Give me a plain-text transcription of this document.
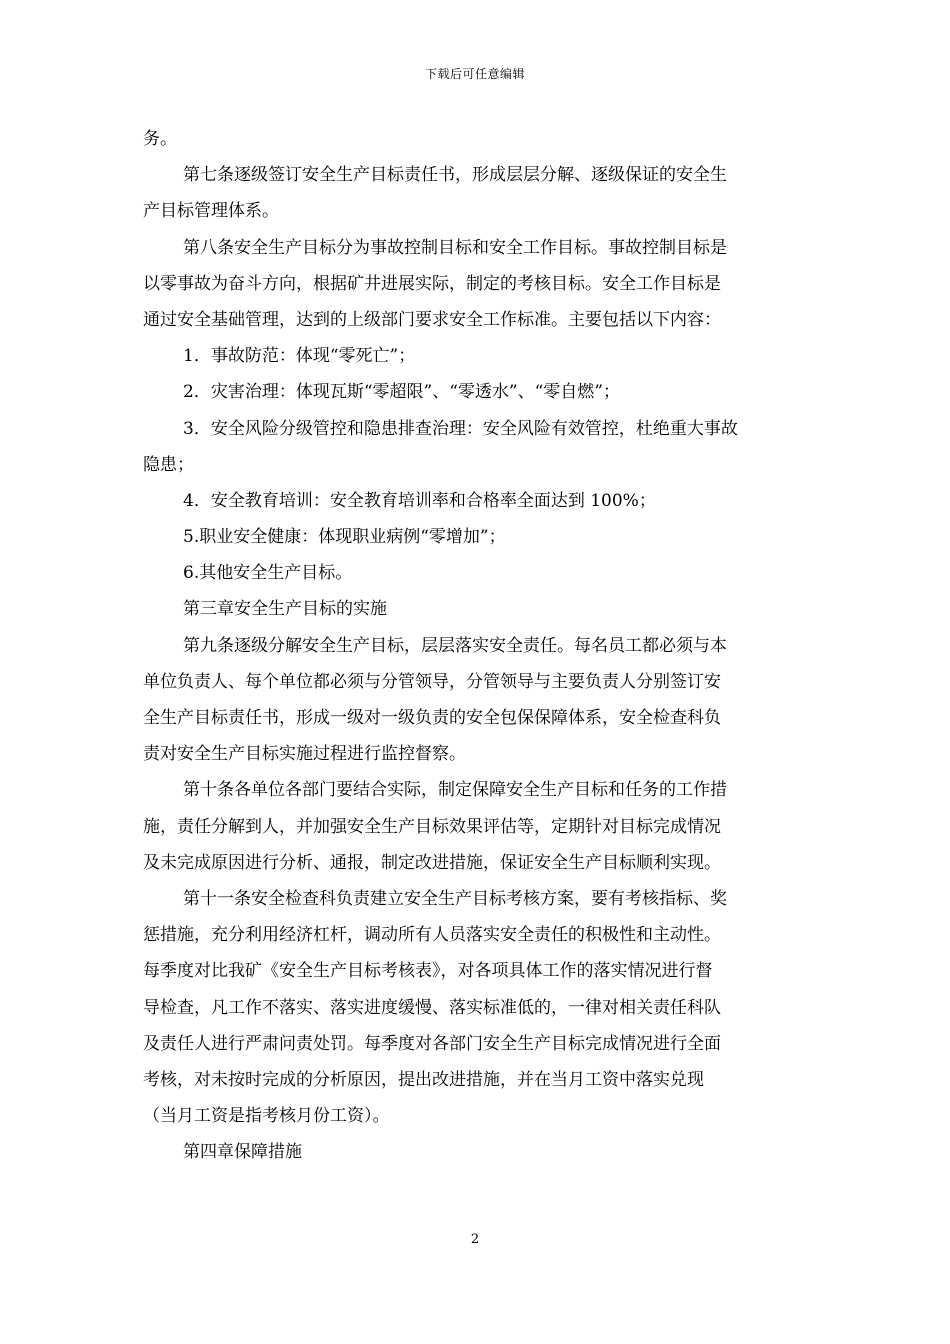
下载后可任意编辑
务。
第七条逐级签订安全生产目标责任书，形成层层分解、逐级保证的安全生
产目标管理体系。
第八条安全生产目标分为事故控制目标和安全工作目标。事故控制目标是
以零事故为奋斗方向，根据矿井进展实际，制定的考核目标。安全工作目标是
通过安全基础管理，达到的上级部门要求安全工作标准。主要包括以下内容：
1．事故防范：体现“零死亡”；
2．灾害治理：体现瓦斯“零超限”、“零透水”、“零自燃”；
3．安全风险分级管控和隐患排查治理：安全风险有效管控，杜绝重大事故
隐患；
4．安全教育培训：安全教育培训率和合格率全面达到 100%；
5.职业安全健康：体现职业病例“零增加”；
6.其他安全生产目标。
第三章安全生产目标的实施
第九条逐级分解安全生产目标，层层落实安全责任。每名员工都必须与本
单位负责人、每个单位都必须与分管领导，分管领导与主要负责人分别签订安
全生产目标责任书，形成一级对一级负责的安全包保保障体系，安全检查科负
责对安全生产目标实施过程进行监控督察。
第十条各单位各部门要结合实际，制定保障安全生产目标和任务的工作措
施，责任分解到人，并加强安全生产目标效果评估等，定期针对目标完成情况
及未完成原因进行分析、通报，制定改进措施，保证安全生产目标顺利实现。
第十一条安全检查科负责建立安全生产目标考核方案，要有考核指标、奖
惩措施，充分利用经济杠杆，调动所有人员落实安全责任的积极性和主动性。
每季度对比我矿《安全生产目标考核表》，对各项具体工作的落实情况进行督
导检查，凡工作不落实、落实进度缓慢、落实标准低的，一律对相关责任科队
及责任人进行严肃问责处罚。每季度对各部门安全生产目标完成情况进行全面
考核，对未按时完成的分析原因，提出改进措施，并在当月工资中落实兑现
（当月工资是指考核月份工资）。
第四章保障措施
2
